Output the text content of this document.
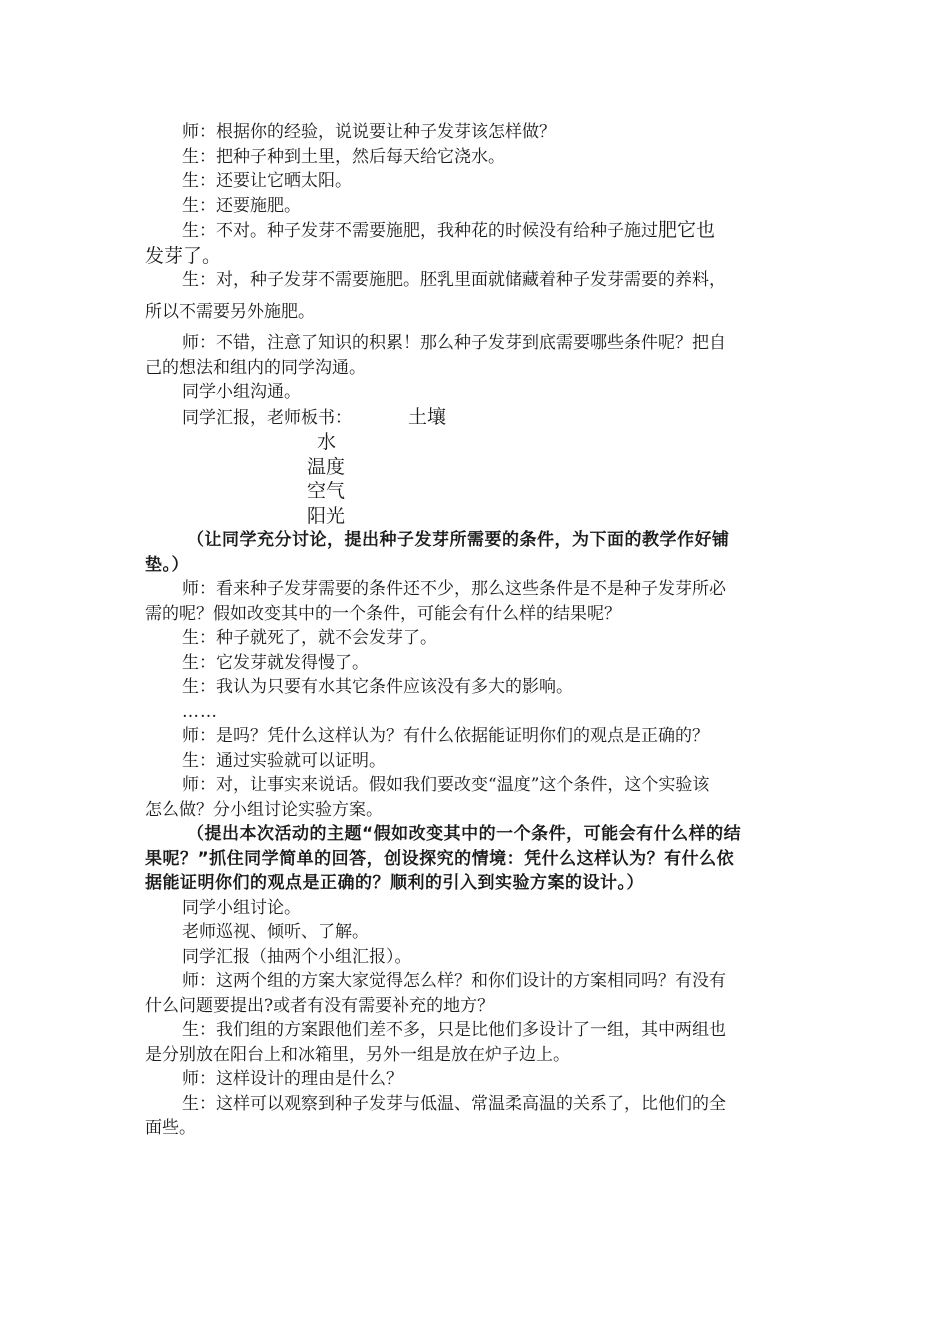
师：根据你的经验，说说要让种子发芽该怎样做？

生：把种子种到土里，然后每天给它浇水。

生：还要让它晒太阳。

生：还要施肥。

生：不对。种子发芽不需要施肥，我种花的时候没有给种子施过肥它也

发芽了。

生：对，种子发芽不需要施肥。胚乳里面就储藏着种子发芽需要的养料，

所以不需要另外施肥。

师：不错，注意了知识的积累！那么种子发芽到底需要哪些条件呢？把自

己的想法和组内的同学沟通。

同学小组沟通。

同学汇报，老师板书：	土壤

水

温度

空气

阳光

（让同学充分讨论，提出种子发芽所需要的条件，为下面的教学作好铺

垫。）

师：看来种子发芽需要的条件还不少，那么这些条件是不是种子发芽所必

需的呢？假如改变其中的一个条件，可能会有什么样的结果呢？

生：种子就死了，就不会发芽了。

生：它发芽就发得慢了。

生：我认为只要有水其它条件应该没有多大的影响。

……

师：是吗？凭什么这样认为？有什么依据能证明你们的观点是正确的？

生：通过实验就可以证明。

师：对，让事实来说话。假如我们要改变“温度”这个条件，这个实验该

怎么做？分小组讨论实验方案。

（提出本次活动的主题“假如改变其中的一个条件，可能会有什么样的结

果呢？”抓住同学简单的回答，创设探究的情境：凭什么这样认为？有什么依

据能证明你们的观点是正确的？顺利的引入到实验方案的设计。）

同学小组讨论。

老师巡视、倾听、了解。

同学汇报（抽两个小组汇报）。

师：这两个组的方案大家觉得怎么样？和你们设计的方案相同吗？有没有

什么问题要提出?或者有没有需要补充的地方？

生：我们组的方案跟他们差不多，只是比他们多设计了一组，其中两组也

是分别放在阳台上和冰箱里，另外一组是放在炉子边上。

师：这样设计的理由是什么？

生：这样可以观察到种子发芽与低温、常温柔高温的关系了，比他们的全

面些。
